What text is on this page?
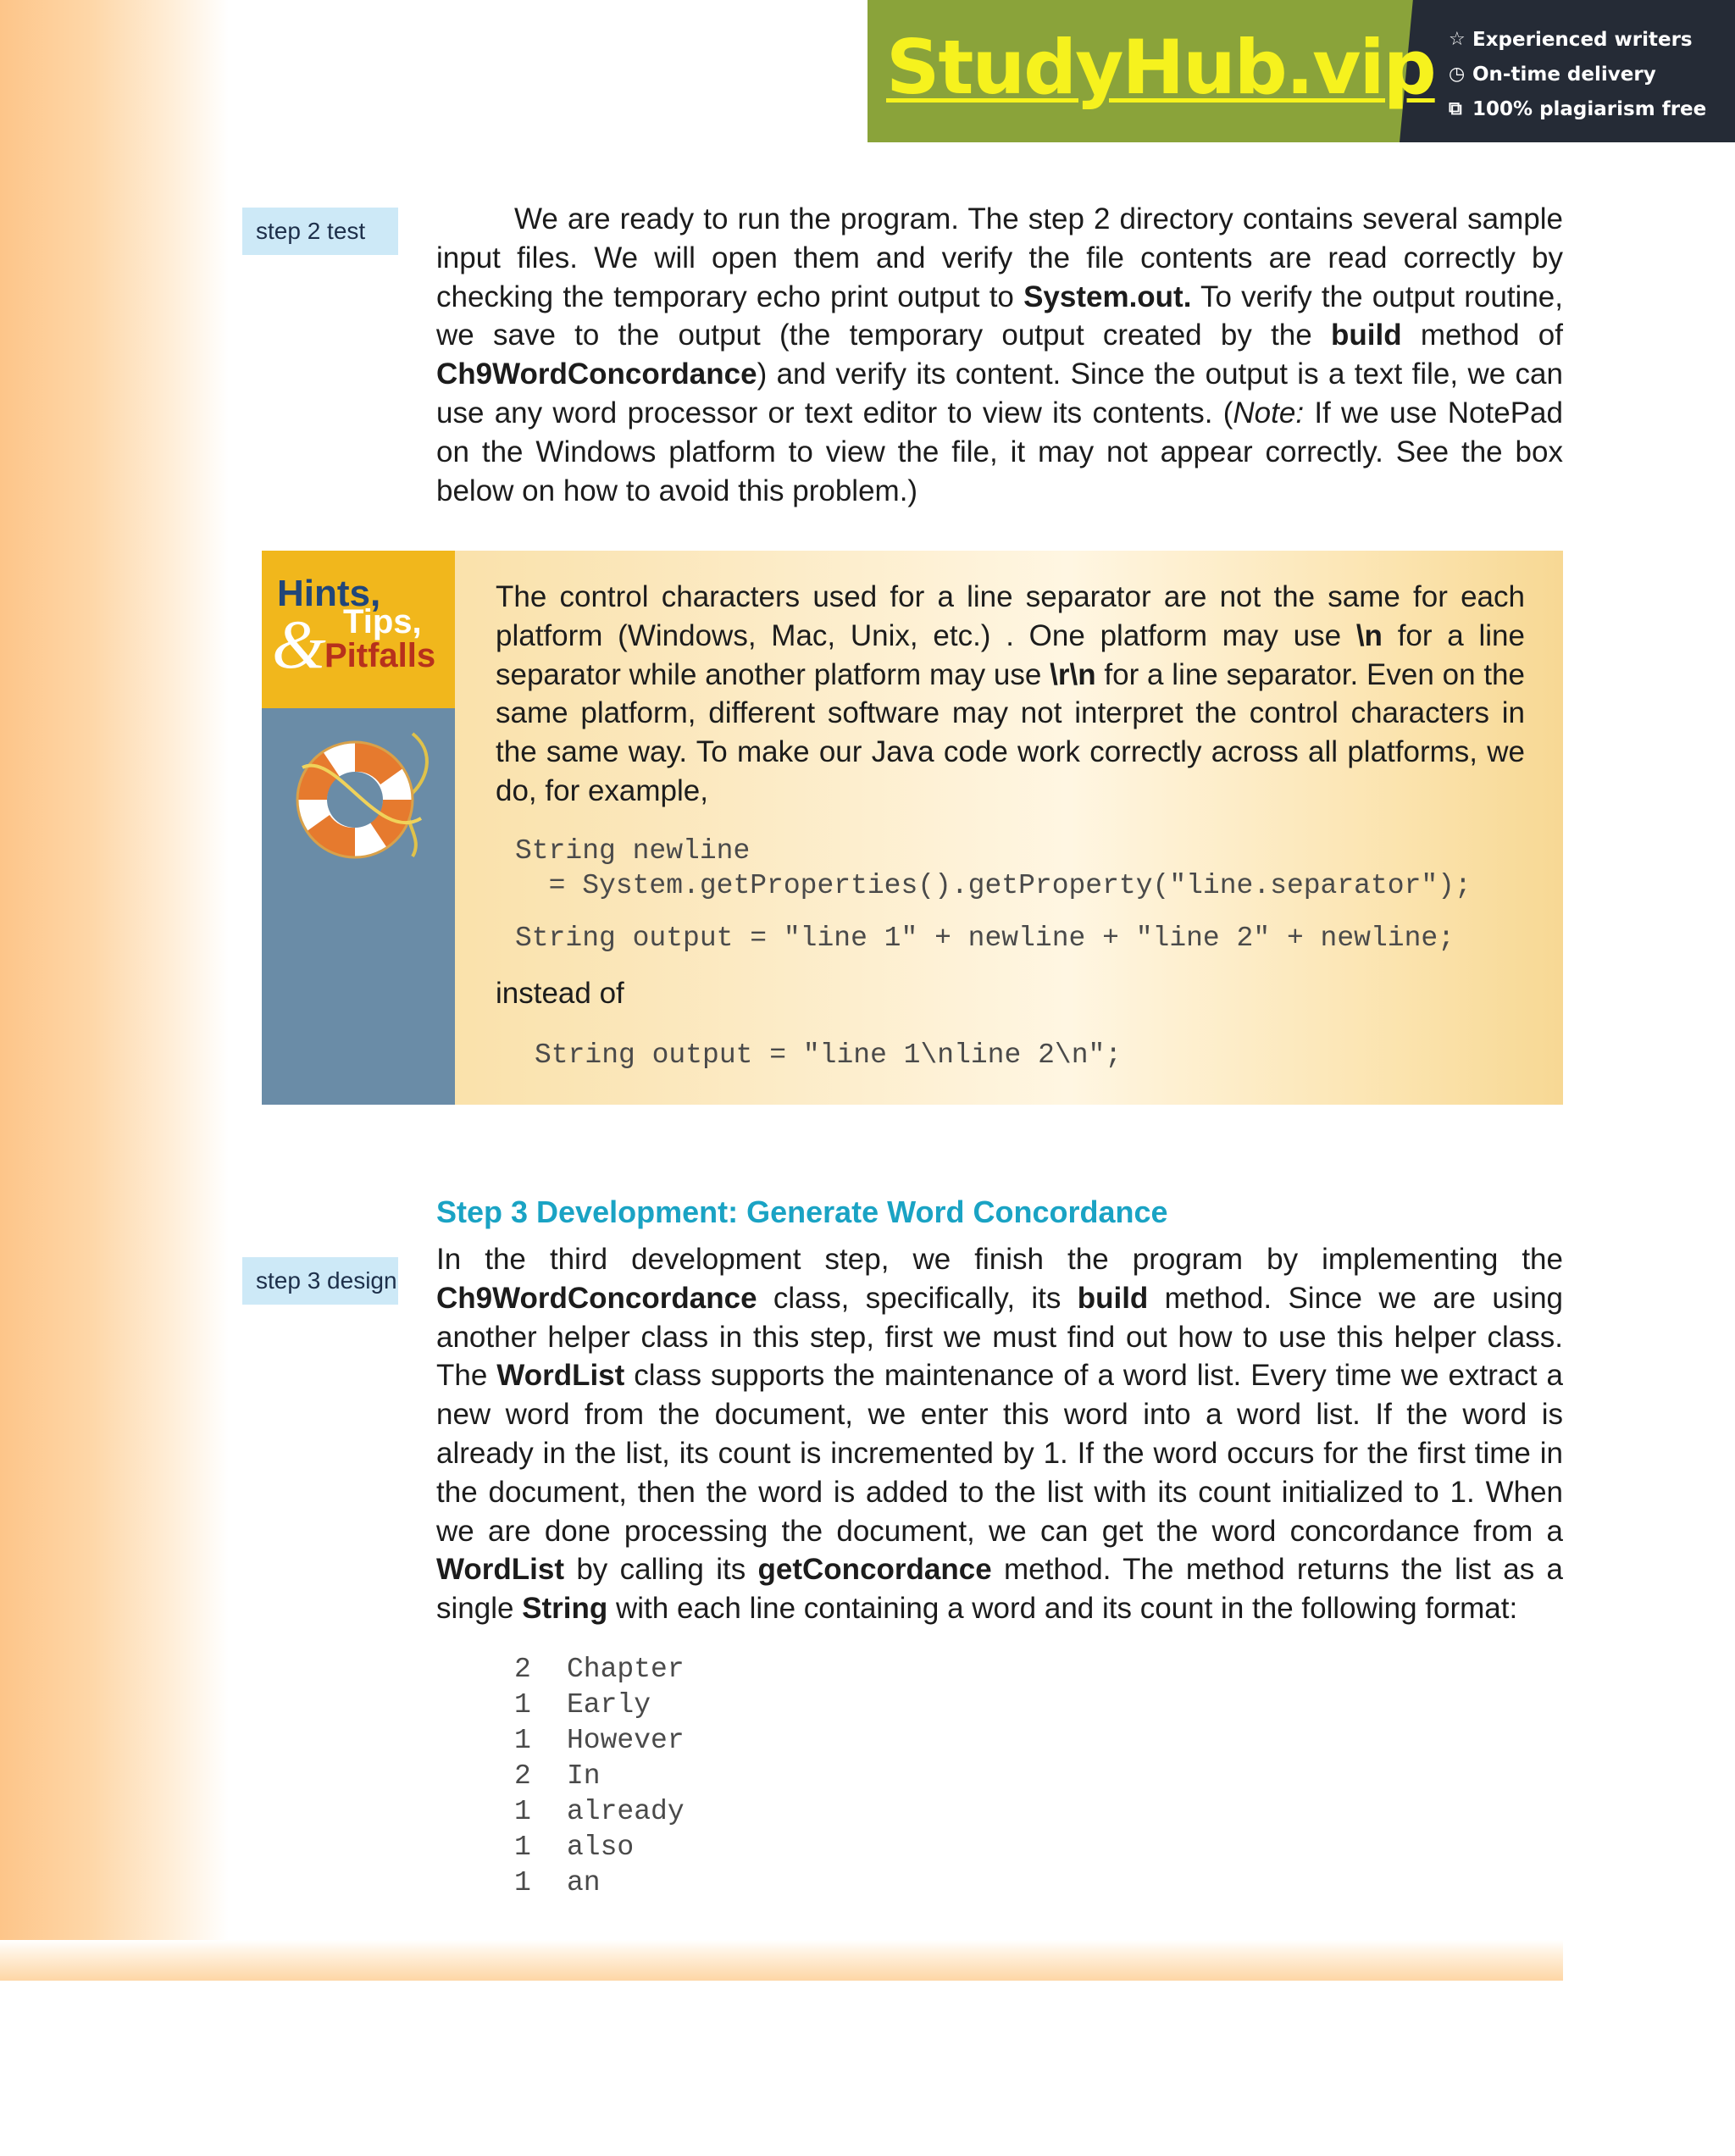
StudyHub.vip ☆ Experienced writers
◷ On-time delivery
⧉ 100% plagiarism free
step 2 test	We are ready to run the program. The step 2 directory contains several sample input files. We will open them and verify the file contents are read correctly by checking the temporary echo print output to System.out. To verify the output routine, we save to the output (the temporary output created by the build method of Ch9WordConcordance) and verify its content. Since the output is a text file, we can use any word processor or text editor to view its contents. (Note: If we use NotePad on the Windows platform to view the file, it may not appear correctly. See the box below on how to avoid this problem.)

Hints,
& Tips,
Pitfalls

The control characters used for a line separator are not the same for each platform (Windows, Mac, Unix, etc.) . One platform may use \n for a line separator while another platform may use \r\n for a line separator. Even on the same platform, different software may not interpret the control characters in the same way. To make our Java code work correctly across all platforms, we do, for example,

String newline
= System.getProperties().getProperty("line.separator");
String output = "line 1" + newline + "line 2" + newline;
instead of
String output = "line 1\nline 2\n";
Step 3 Development: Generate Word Concordance
step 3 design

In the third development step, we finish the program by implementing the Ch9WordConcordance class, specifically, its build method. Since we are using another helper class in this step, first we must find out how to use this helper class. The WordList class supports the maintenance of a word list. Every time we extract a new word from the document, we enter this word into a word list. If the word is already in the list, its count is incremented by 1. If the word occurs for the first time in the document, then the word is added to the list with its count initialized to 1. When we are done processing the document, we can get the word concordance from a WordList by calling its getConcordance method. The method returns the list as a single String with each line containing a word and its count in the following format:

2	Chapter
1	Early
1	However
2	In
1	already
1	also
1	an
